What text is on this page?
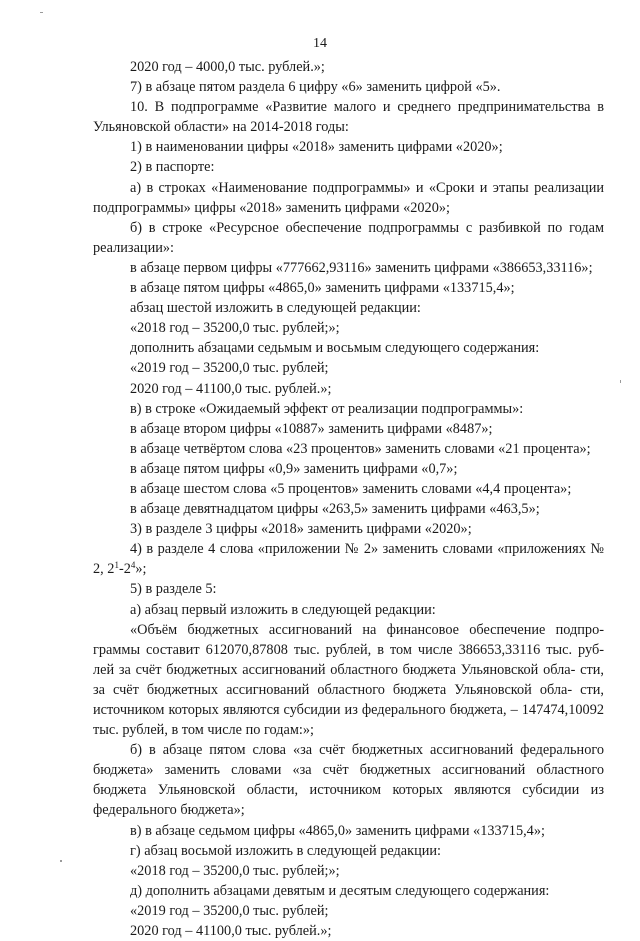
14

2020 год – 4000,0 тыс. рублей.»;

7) в абзаце пятом раздела 6 цифру «6» заменить цифрой «5».

10. В подпрограмме «Развитие малого и среднего предпринимательства в Ульяновской области» на 2014-2018 годы:

1) в наименовании цифры «2018» заменить цифрами «2020»;

2) в паспорте:

а) в строках «Наименование подпрограммы» и «Сроки и этапы реализации подпрограммы» цифры «2018» заменить цифрами «2020»;

б) в строке «Ресурсное обеспечение подпрограммы с разбивкой по годам реализации»:

в абзаце первом цифры «777662,93116» заменить цифрами «386653,33116»;

в абзаце пятом цифры «4865,0» заменить цифрами «133715,4»;

абзац шестой изложить в следующей редакции:

«2018 год – 35200,0 тыс. рублей;»;

дополнить абзацами седьмым и восьмым следующего содержания:

«2019 год – 35200,0 тыс. рублей;

2020 год – 41100,0 тыс. рублей.»;

в) в строке «Ожидаемый эффект от реализации подпрограммы»:

в абзаце втором цифры «10887» заменить цифрами «8487»;

в абзаце четвёртом слова «23 процентов» заменить словами «21 процента»;

в абзаце пятом цифры «0,9» заменить цифрами «0,7»;

в абзаце шестом слова «5 процентов» заменить словами «4,4 процента»;

в абзаце девятнадцатом цифры «263,5» заменить цифрами «463,5»;

3) в разделе 3 цифры «2018» заменить цифрами «2020»;

4) в разделе 4 слова «приложении № 2» заменить словами «приложениях № 2, $2^1-2^4$»;

5) в разделе 5:

а) абзац первый изложить в следующей редакции:

«Объём бюджетных ассигнований на финансовое обеспечение подпро- граммы составит 612070,87808 тыс. рублей, в том числе 386653,33116 тыс. руб- лей за счёт бюджетных ассигнований областного бюджета Ульяновской обла- сти, за счёт бюджетных ассигнований областного бюджета Ульяновской обла- сти, источником которых являются субсидии из федерального бюджета, – 147474,10092 тыс. рублей, в том числе по годам:»;

б) в абзаце пятом слова «за счёт бюджетных ассигнований федерального бюджета» заменить словами «за счёт бюджетных ассигнований областного бюджета Ульяновской области, источником которых являются субсидии из федерального бюджета»;

в) в абзаце седьмом цифры «4865,0» заменить цифрами «133715,4»;

г) абзац восьмой изложить в следующей редакции:

«2018 год – 35200,0 тыс. рублей;»;

д) дополнить абзацами девятым и десятым следующего содержания:

«2019 год – 35200,0 тыс. рублей;

2020 год – 41100,0 тыс. рублей.»;
